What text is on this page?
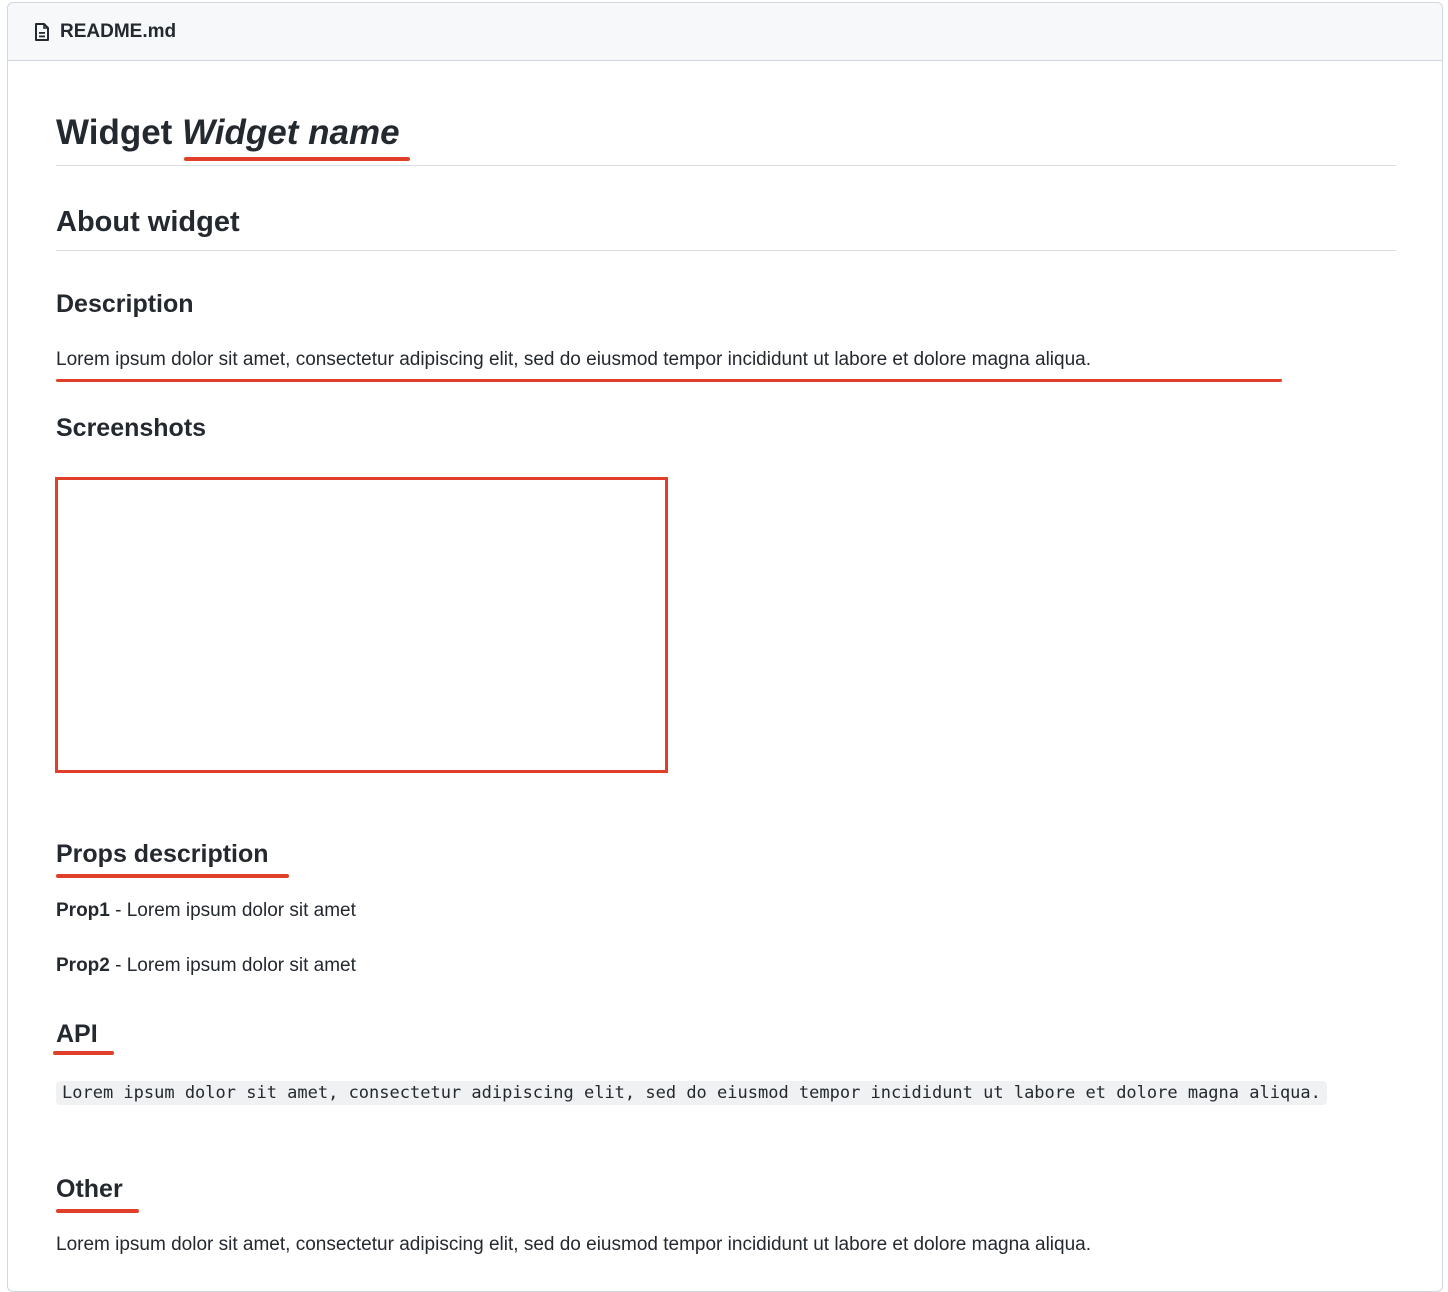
README.md
Widget Widget name
About widget
Description
Lorem ipsum dolor sit amet, consectetur adipiscing elit, sed do eiusmod tempor incididunt ut labore et dolore magna aliqua.
Screenshots
Props description
Prop1 - Lorem ipsum dolor sit amet
Prop2 - Lorem ipsum dolor sit amet
API
Lorem ipsum dolor sit amet, consectetur adipiscing elit, sed do eiusmod tempor incididunt ut labore et dolore magna aliqua.
Other
Lorem ipsum dolor sit amet, consectetur adipiscing elit, sed do eiusmod tempor incididunt ut labore et dolore magna aliqua.
